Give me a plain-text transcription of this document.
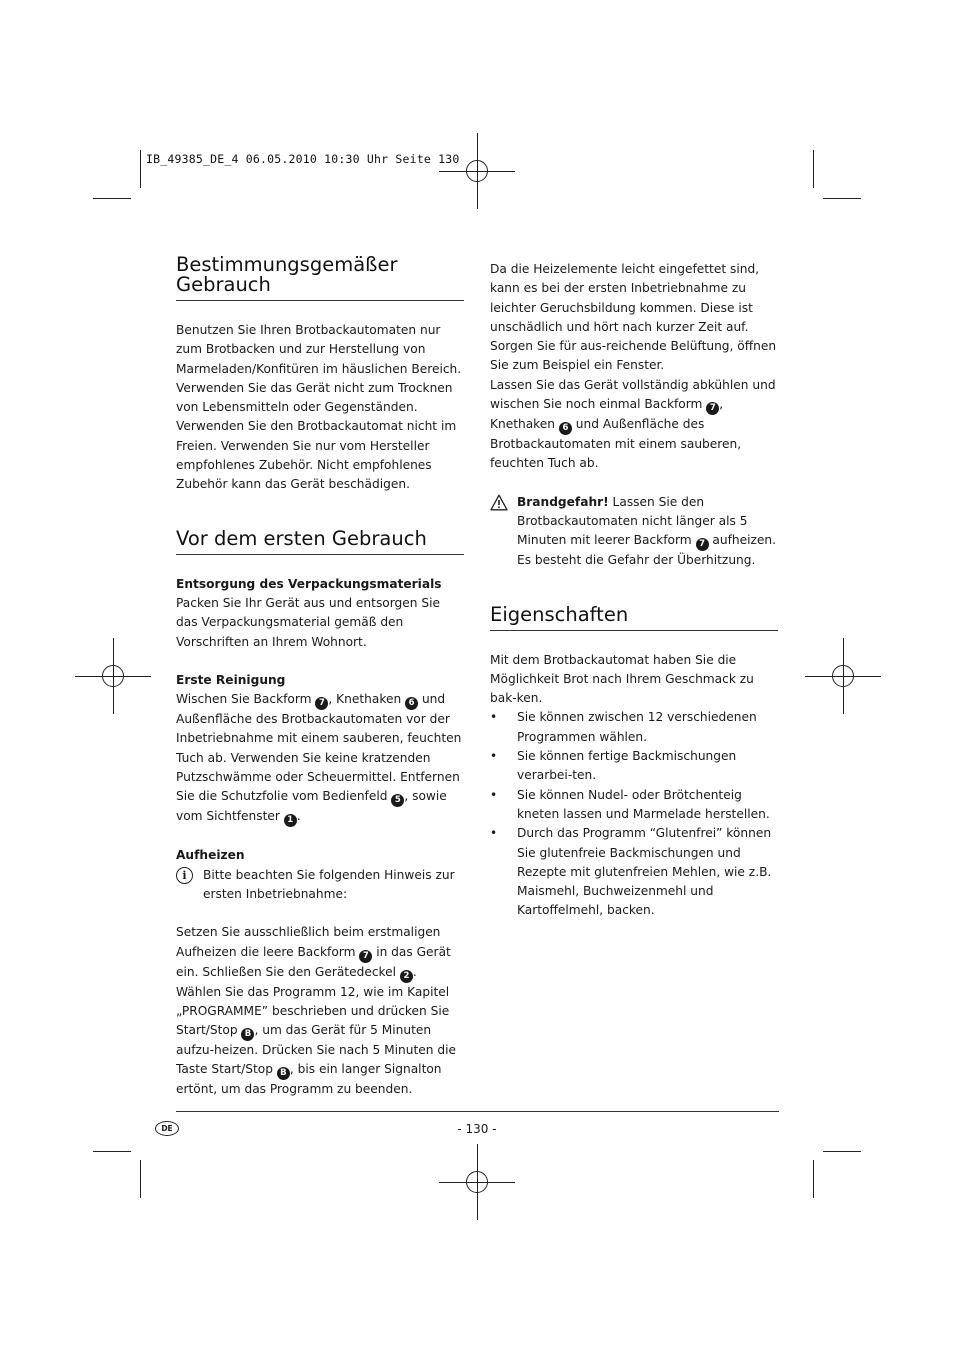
IB_49385_DE_4 06.05.2010 10:30 Uhr Seite 130
Bestimmungsgemäßer
Gebrauch

Benutzen Sie Ihren Brotbackautomaten nur zum Brotbacken und zur Herstellung von Marmeladen/Konfitüren im häuslichen Bereich. Verwenden Sie das Gerät nicht zum Trocknen von Lebensmitteln oder Gegenständen. Verwenden Sie den Brotbackautomat nicht im Freien. Verwenden Sie nur vom Hersteller empfohlenes Zubehör. Nicht empfohlenes Zubehör kann das Gerät beschädigen.

Vor dem ersten Gebrauch

Entsorgung des Verpackungsmaterials

Packen Sie Ihr Gerät aus und entsorgen Sie das Verpackungsmaterial gemäß den Vorschriften an Ihrem Wohnort.

Erste Reinigung

Wischen Sie Backform 7 , Knethaken 6 und Außenfläche des Brotbackautomaten vor der Inbetriebnahme mit einem sauberen, feuchten Tuch ab. Verwenden Sie keine kratzenden Putzschwämme oder Scheuermittel. Entfernen Sie die Schutzfolie vom Bedienfeld 5 , sowie vom Sichtfenster 1 .

Aufheizen

i	Bitte beachten Sie folgenden Hinweis zur ersten Inbetriebnahme:

Setzen Sie ausschließlich beim erstmaligen Aufheizen die leere Backform 7 in das Gerät ein. Schließen Sie den Gerätedeckel 2 . Wählen Sie das Programm 12, wie im Kapitel „PROGRAMME” beschrieben und drücken Sie Start/Stop B , um das Gerät für 5 Minuten aufzu-heizen. Drücken Sie nach 5 Minuten die Taste Start/Stop B , bis ein langer Signalton ertönt, um das Programm zu beenden.

Da die Heizelemente leicht eingefettet sind, kann es bei der ersten Inbetriebnahme zu leichter Geruchsbildung kommen. Diese ist unschädlich und hört nach kurzer Zeit auf. Sorgen Sie für aus-reichende Belüftung, öffnen Sie zum Beispiel ein Fenster.

Lassen Sie das Gerät vollständig abkühlen und wischen Sie noch einmal Backform 7 , Knethaken 6 und Außenfläche des Brotbackautomaten mit einem sauberen, feuchten Tuch ab.

Brandgefahr! Lassen Sie den Brotbackautomaten nicht länger als 5 Minuten mit leerer Backform 7 aufheizen. Es besteht die Gefahr der Überhitzung.
Eigenschaften

Mit dem Brotbackautomat haben Sie die Möglichkeit Brot nach Ihrem Geschmack zu bak-ken.

• Sie können zwischen 12 verschiedenen Programmen wählen.
• Sie können fertige Backmischungen verarbei-ten.
• Sie können Nudel- oder Brötchenteig kneten lassen und Marmelade herstellen.
• Durch das Programm “Glutenfrei” können Sie glutenfreie Backmischungen und Rezepte mit glutenfreien Mehlen, wie z.B. Maismehl, Buchweizenmehl und Kartoffelmehl, backen.
DE	- 130 -
